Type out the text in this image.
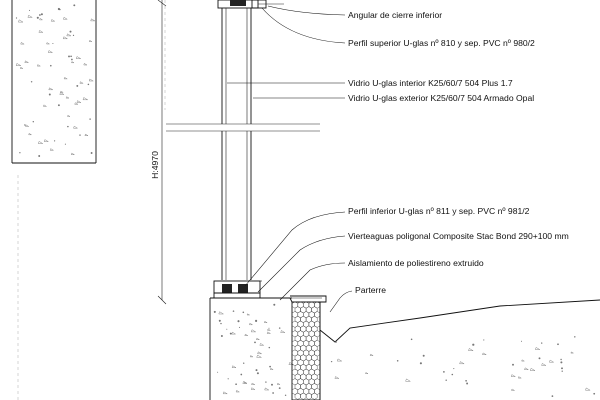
H:4970
Angular de cierre inferior
Perfil superior U-glas nº 810 y sep. PVC nº 980/2
Vidrio U-glas interior K25/60/7 504 Plus 1.7
Vidrio U-glas exterior K25/60/7 504 Armado Opal
Perfil inferior U-glas nº 811 y sep. PVC nº 981/2
Vierteaguas poligonal Composite Stac Bond 290+100 mm
Aislamiento de poliestireno extruido
Parterre
